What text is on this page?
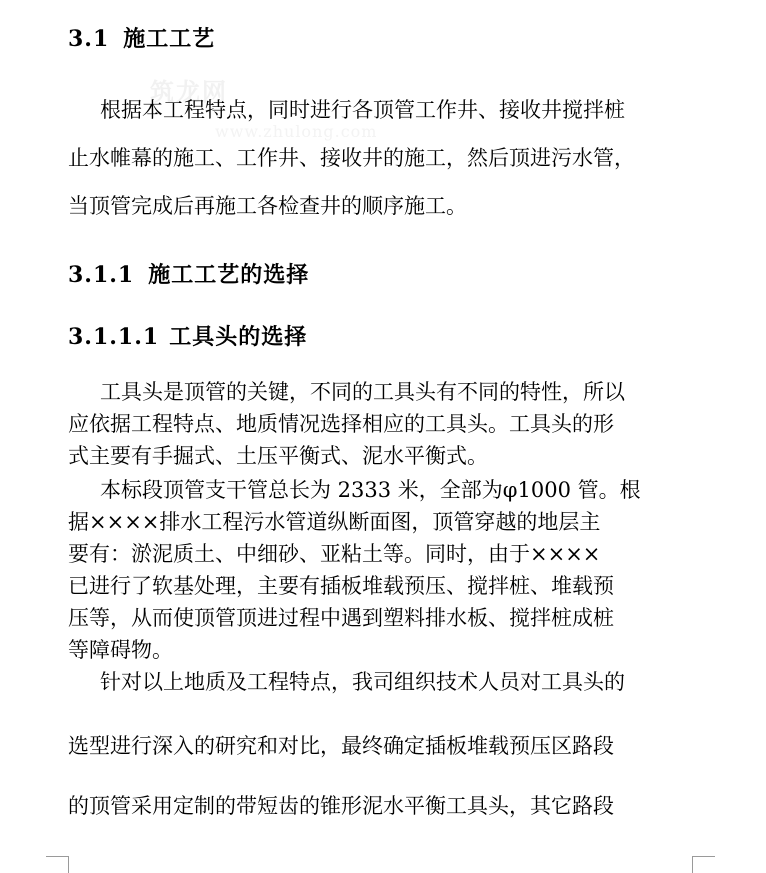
筑龙网
www.zhulong.com
3.1 施工工艺
根据本工程特点，同时进行各顶管工作井、接收井搅拌桩
止水帷幕的施工、工作井、接收井的施工，然后顶进污水管，
当顶管完成后再施工各检查井的顺序施工。
3.1.1 施工工艺的选择
3.1.1.1 工具头的选择
工具头是顶管的关键，不同的工具头有不同的特性，所以
应依据工程特点、地质情况选择相应的工具头。工具头的形
式主要有手掘式、土压平衡式、泥水平衡式。
本标段顶管支干管总长为 2333 米，全部为φ1000 管。根
据××××排水工程污水管道纵断面图，顶管穿越的地层主
要有：淤泥质土、中细砂、亚粘土等。同时，由于××××
已进行了软基处理，主要有插板堆载预压、搅拌桩、堆载预
压等，从而使顶管顶进过程中遇到塑料排水板、搅拌桩成桩
等障碍物。
针对以上地质及工程特点，我司组织技术人员对工具头的
选型进行深入的研究和对比，最终确定插板堆载预压区路段
的顶管采用定制的带短齿的锥形泥水平衡工具头，其它路段
